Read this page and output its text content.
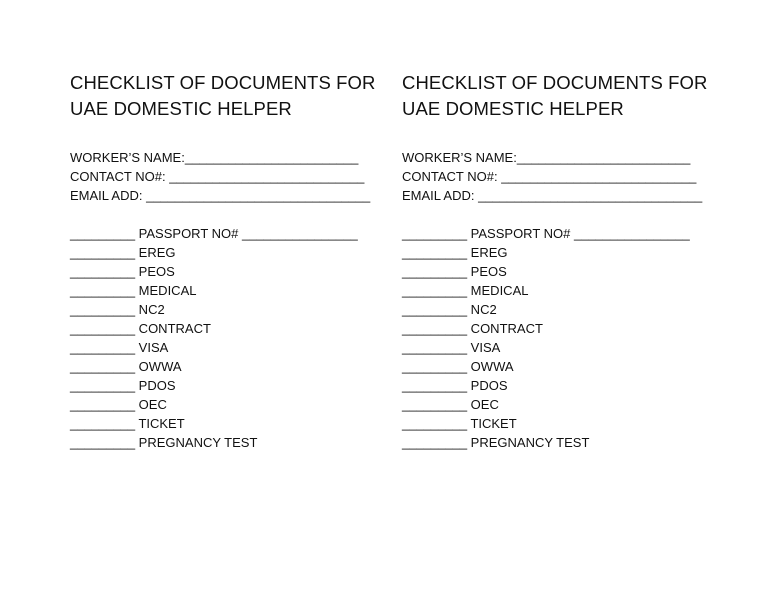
CHECKLIST OF DOCUMENTS FOR
UAE DOMESTIC HELPER
WORKER’S NAME:________________________
CONTACT NO#: ___________________________
EMAIL ADD: _______________________________
_________ PASSPORT NO# ________________
_________ EREG
_________ PEOS
_________ MEDICAL
_________ NC2
_________ CONTRACT
_________ VISA
_________ OWWA
_________ PDOS
_________ OEC
_________ TICKET
_________ PREGNANCY TEST
CHECKLIST OF DOCUMENTS FOR
UAE DOMESTIC HELPER
WORKER’S NAME:________________________
CONTACT NO#: ___________________________
EMAIL ADD: _______________________________
_________ PASSPORT NO# ________________
_________ EREG
_________ PEOS
_________ MEDICAL
_________ NC2
_________ CONTRACT
_________ VISA
_________ OWWA
_________ PDOS
_________ OEC
_________ TICKET
_________ PREGNANCY TEST
